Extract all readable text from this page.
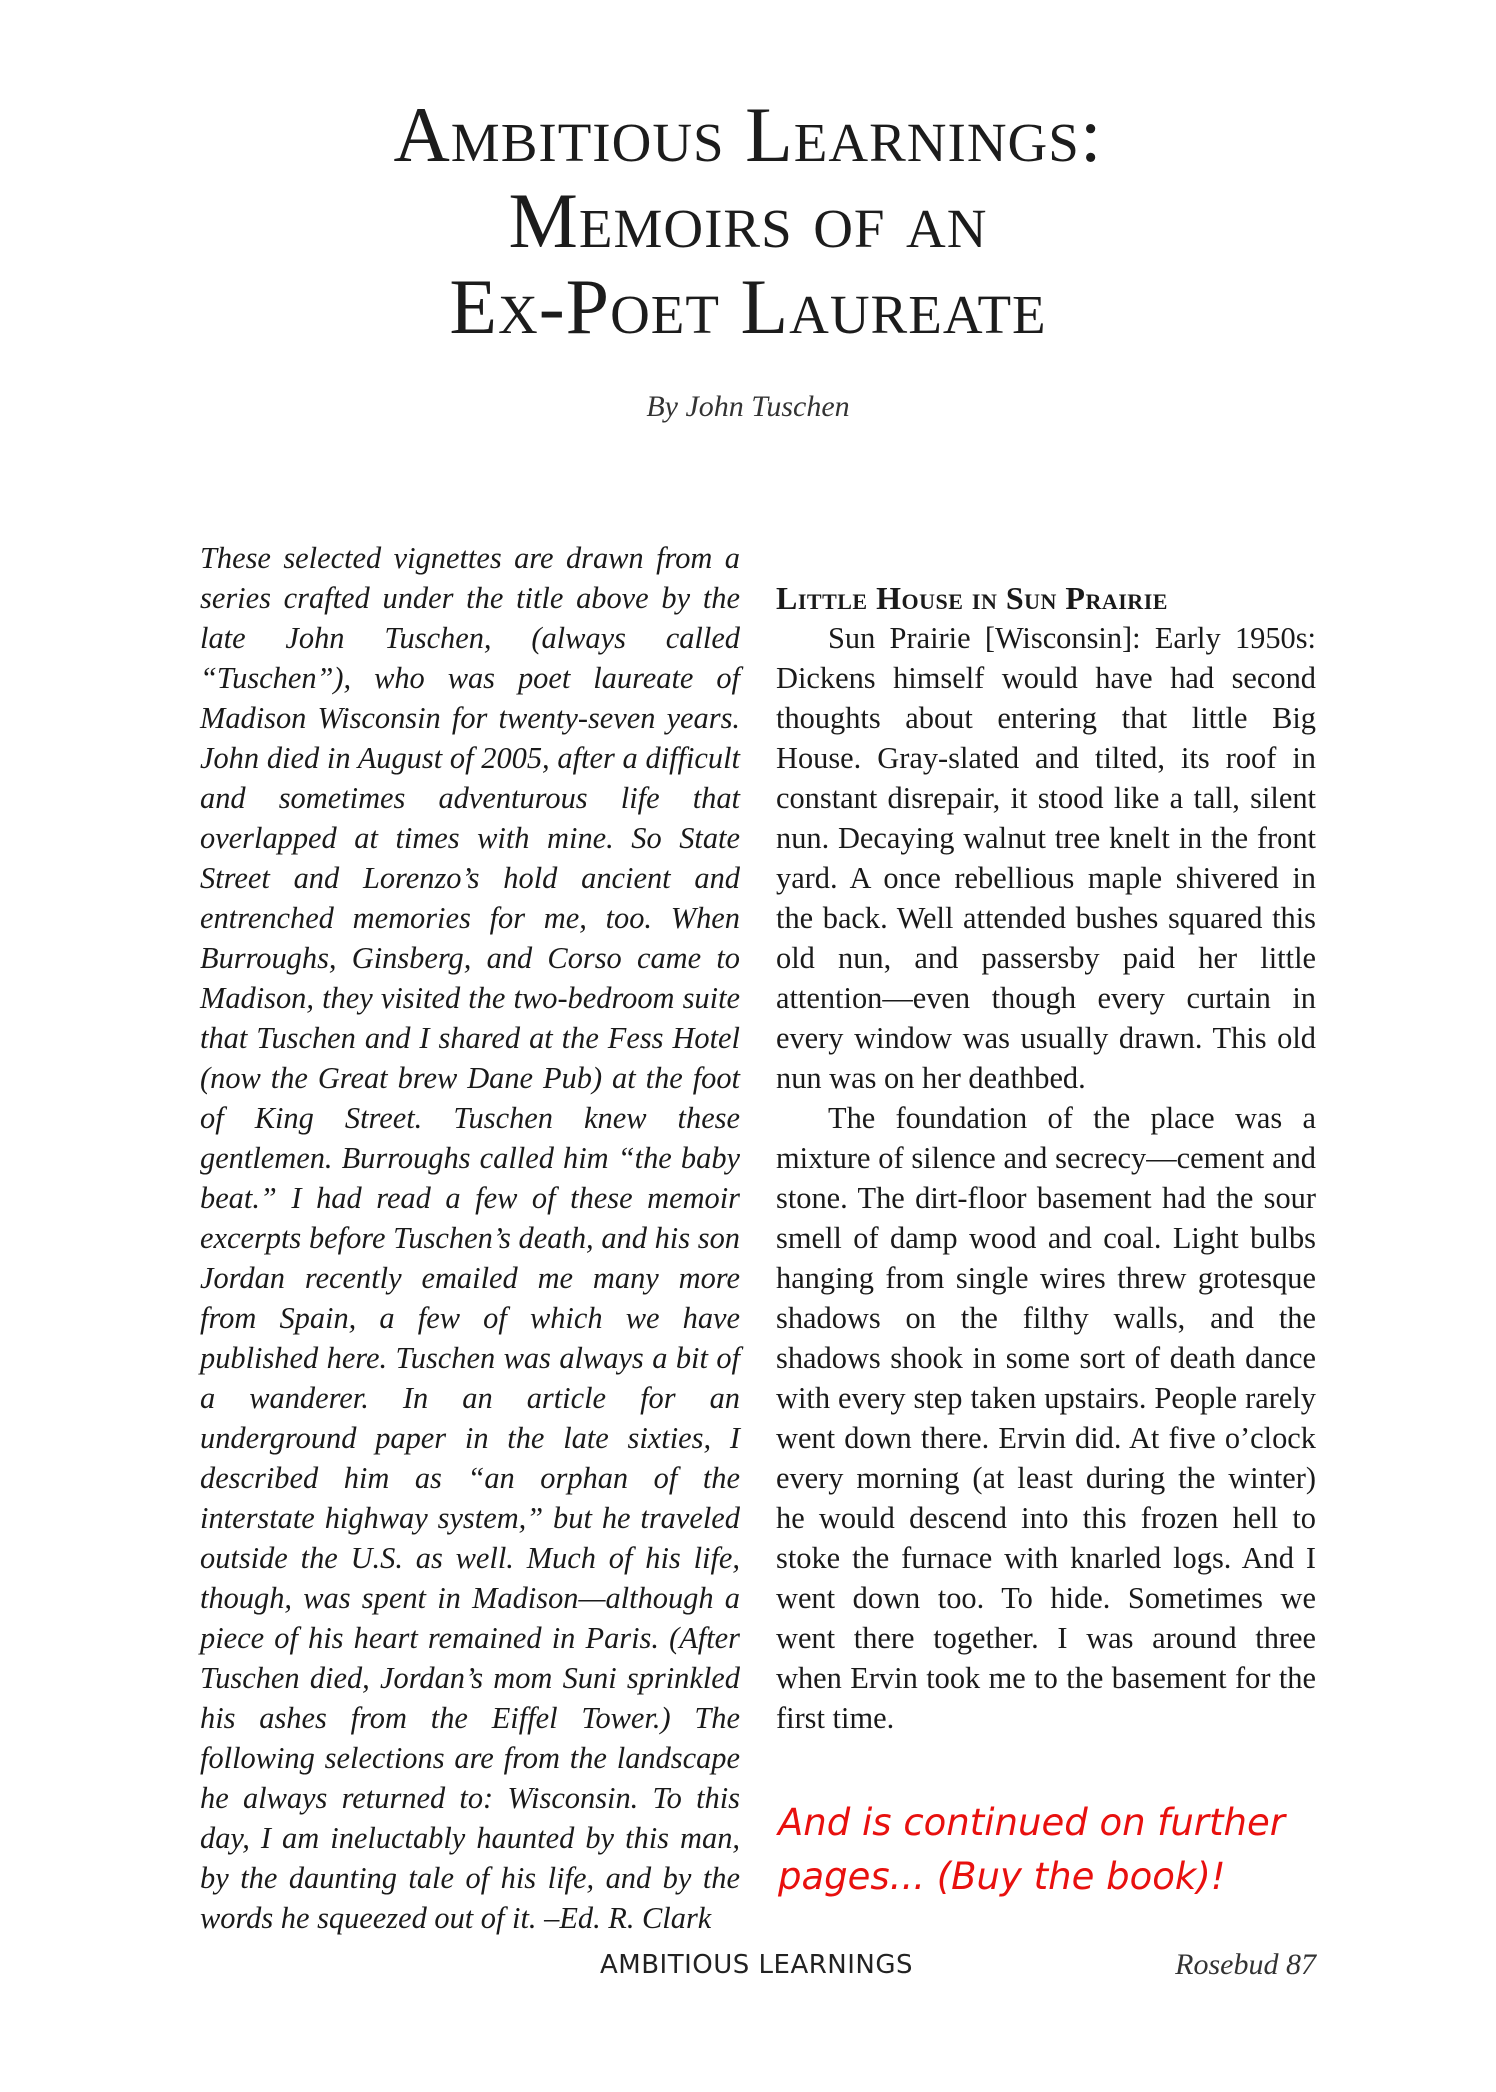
Ambitious Learnings:
Memoirs of an
Ex-Poet Laureate
By John Tuschen

These selected vignettes are drawn from a series crafted under the title above by the late John Tuschen, (always called “Tuschen”), who was poet laureate of Madison Wisconsin for twenty-seven years. John died in August of 2005, after a difficult and sometimes adventurous life that overlapped at times with mine. So State Street and Lorenzo’s hold ancient and entrenched memories for me, too. When Burroughs, Ginsberg, and Corso came to Madison, they visited the two-bedroom suite that Tuschen and I shared at the Fess Hotel (now the Great brew Dane Pub) at the foot of King Street. Tuschen knew these gentlemen. Burroughs called him “the baby beat.” I had read a few of these memoir excerpts before Tuschen’s death, and his son Jordan recently emailed me many more from Spain, a few of which we have published here. Tuschen was always a bit of a wanderer. In an article for an underground paper in the late sixties, I described him as “an orphan of the interstate highway system,” but he traveled outside the U.S. as well. Much of his life, though, was spent in Madison—although a piece of his heart remained in Paris. (After Tuschen died, Jordan’s mom Suni sprinkled his ashes from the Eiffel Tower.) The following selections are from the landscape he always returned to: Wisconsin. To this day, I am ineluctably haunted by this man, by the daunting tale of his life, and by the words he squeezed out of it. –Ed. R. Clark

Little House in Sun Prairie

Sun Prairie [Wisconsin]: Early 1950s: Dickens himself would have had second thoughts about entering that little Big House. Gray-slated and tilted, its roof in constant disrepair, it stood like a tall, silent nun. Decaying walnut tree knelt in the front yard. A once rebellious maple shivered in the back. Well attended bushes squared this old nun, and passersby paid her little attention—even though every curtain in every window was usually drawn. This old nun was on her deathbed.

The foundation of the place was a mixture of silence and secrecy—cement and stone. The dirt-floor basement had the sour smell of damp wood and coal. Light bulbs hanging from single wires threw grotesque shadows on the filthy walls, and the shadows shook in some sort of death dance with every step taken upstairs. People rarely went down there. Ervin did. At five o’clock every morning (at least during the winter) he would descend into this frozen hell to stoke the furnace with knarled logs. And I went down too. To hide. Sometimes we went there together. I was around three when Ervin took me to the basement for the first time.

And is continued on further
pages... (Buy the book)!
AMBITIOUS LEARNINGS	Rosebud 87
